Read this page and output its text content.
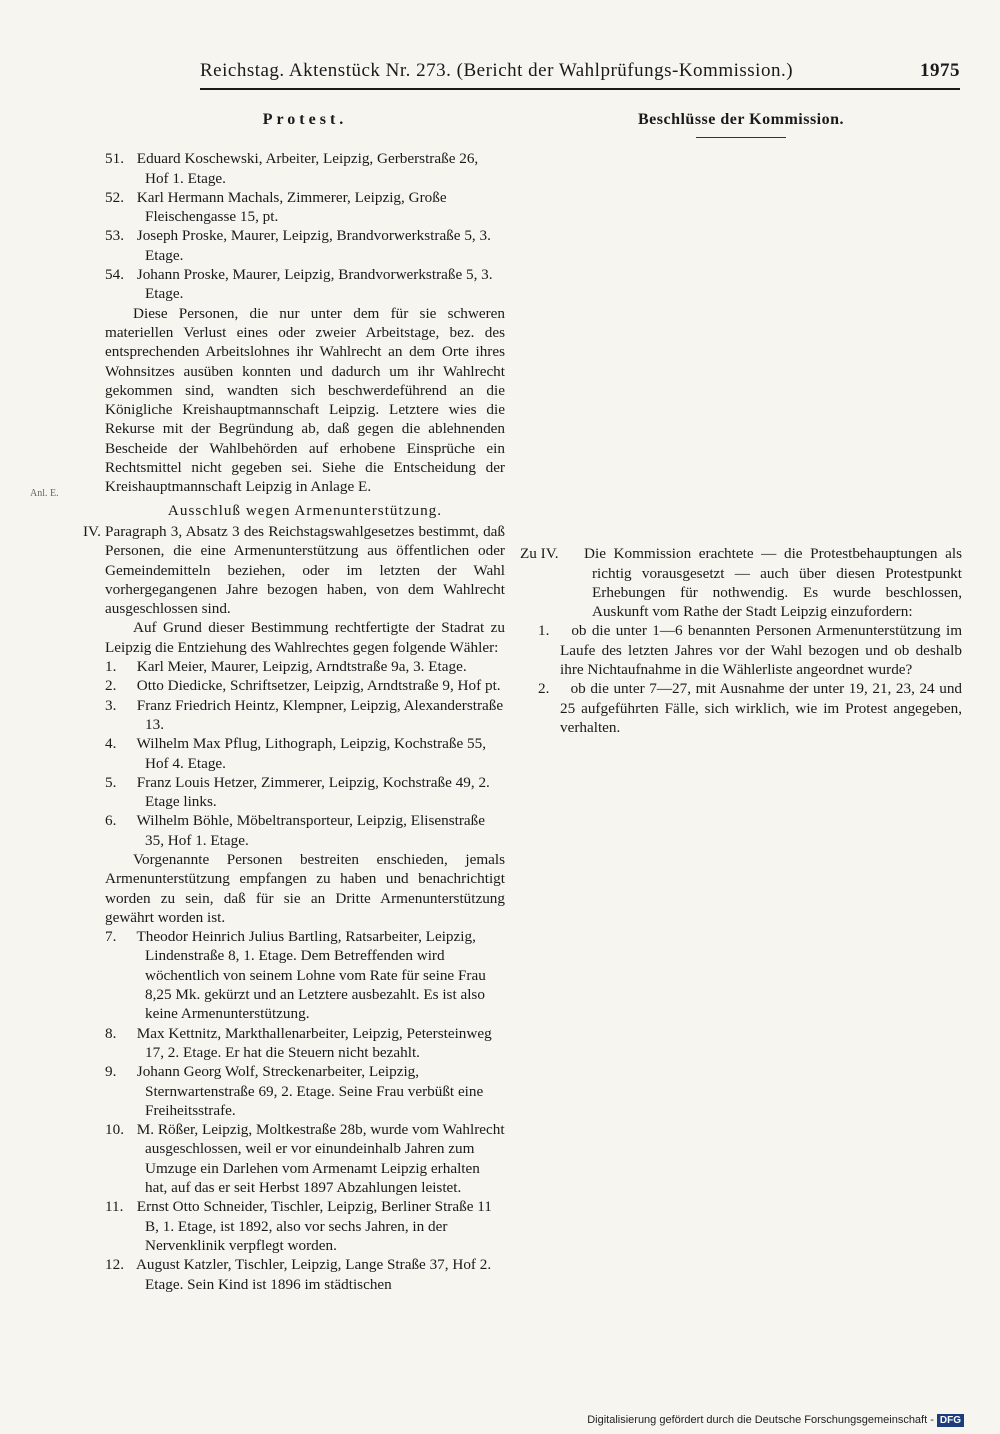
Reichstag. Aktenstück Nr. 273. (Bericht der Wahlprüfungs-Kommission.)	1975
Anl. E.
Protest.
51. Eduard Koschewski, Arbeiter, Leipzig, Gerberstraße 26, Hof 1. Etage.
52. Karl Hermann Machals, Zimmerer, Leipzig, Große Fleischengasse 15, pt.
53. Joseph Proske, Maurer, Leipzig, Brandvorwerkstraße 5, 3. Etage.
54. Johann Proske, Maurer, Leipzig, Brandvorwerkstraße 5, 3. Etage.

Diese Personen, die nur unter dem für sie schweren materiellen Verlust eines oder zweier Arbeitstage, bez. des entsprechenden Arbeitslohnes ihr Wahlrecht an dem Orte ihres Wohnsitzes ausüben konnten und dadurch um ihr Wahlrecht gekommen sind, wandten sich beschwerdeführend an die Königliche Kreishauptmannschaft Leipzig. Letztere wies die Rekurse mit der Begründung ab, daß gegen die ablehnenden Bescheide der Wahlbehörden auf erhobene Einsprüche ein Rechtsmittel nicht gegeben sei. Siehe die Entscheidung der Kreishauptmannschaft Leipzig in Anlage E.

Ausschluß wegen Armenunterstützung.
IV. Paragraph 3, Absatz 3 des Reichstagswahlgesetzes bestimmt, daß Personen, die eine Armenunterstützung aus öffentlichen oder Gemeindemitteln beziehen, oder im letzten der Wahl vorhergegangenen Jahre bezogen haben, von dem Wahlrecht ausgeschlossen sind.

Auf Grund dieser Bestimmung rechtfertigte der Stadrat zu Leipzig die Entziehung des Wahlrechtes gegen folgende Wähler:

1. Karl Meier, Maurer, Leipzig, Arndtstraße 9a, 3. Etage.
2. Otto Diedicke, Schriftsetzer, Leipzig, Arndtstraße 9, Hof pt.
3. Franz Friedrich Heintz, Klempner, Leipzig, Alexanderstraße 13.
4. Wilhelm Max Pflug, Lithograph, Leipzig, Kochstraße 55, Hof 4. Etage.
5. Franz Louis Hetzer, Zimmerer, Leipzig, Kochstraße 49, 2. Etage links.
6. Wilhelm Böhle, Möbeltransporteur, Leipzig, Elisenstraße 35, Hof 1. Etage.

Vorgenannte Personen bestreiten enschieden, jemals Armenunterstützung empfangen zu haben und benachrichtigt worden zu sein, daß für sie an Dritte Armenunterstützung gewährt worden ist.

7. Theodor Heinrich Julius Bartling, Ratsarbeiter, Leipzig, Lindenstraße 8, 1. Etage. Dem Betreffenden wird wöchentlich von seinem Lohne vom Rate für seine Frau 8,25 Mk. gekürzt und an Letztere ausbezahlt. Es ist also keine Armenunterstützung.
8. Max Kettnitz, Markthallenarbeiter, Leipzig, Petersteinweg 17, 2. Etage. Er hat die Steuern nicht bezahlt.
9. Johann Georg Wolf, Streckenarbeiter, Leipzig, Sternwartenstraße 69, 2. Etage. Seine Frau verbüßt eine Freiheitsstrafe.
10. M. Rößer, Leipzig, Moltkestraße 28b, wurde vom Wahlrecht ausgeschlossen, weil er vor einundeinhalb Jahren zum Umzuge ein Darlehen vom Armenamt Leipzig erhalten hat, auf das er seit Herbst 1897 Abzahlungen leistet.
11. Ernst Otto Schneider, Tischler, Leipzig, Berliner Straße 11 B, 1. Etage, ist 1892, also vor sechs Jahren, in der Nervenklinik verpflegt worden.
12. August Katzler, Tischler, Leipzig, Lange Straße 37, Hof 2. Etage. Sein Kind ist 1896 im städtischen
Beschlüsse der Kommission.
Zu IV. Die Kommission erachtete — die Protestbehauptungen als richtig vorausgesetzt — auch über diesen Protestpunkt Erhebungen für nothwendig. Es wurde beschlossen, Auskunft vom Rathe der Stadt Leipzig einzufordern:
1. ob die unter 1—6 benannten Personen Armenunterstützung im Laufe des letzten Jahres vor der Wahl bezogen und ob deshalb ihre Nichtaufnahme in die Wählerliste angeordnet wurde?
2. ob die unter 7—27, mit Ausnahme der unter 19, 21, 23, 24 und 25 aufgeführten Fälle, sich wirklich, wie im Protest angegeben, verhalten.
Digitalisierung gefördert durch die Deutsche Forschungsgemeinschaft - DFG
